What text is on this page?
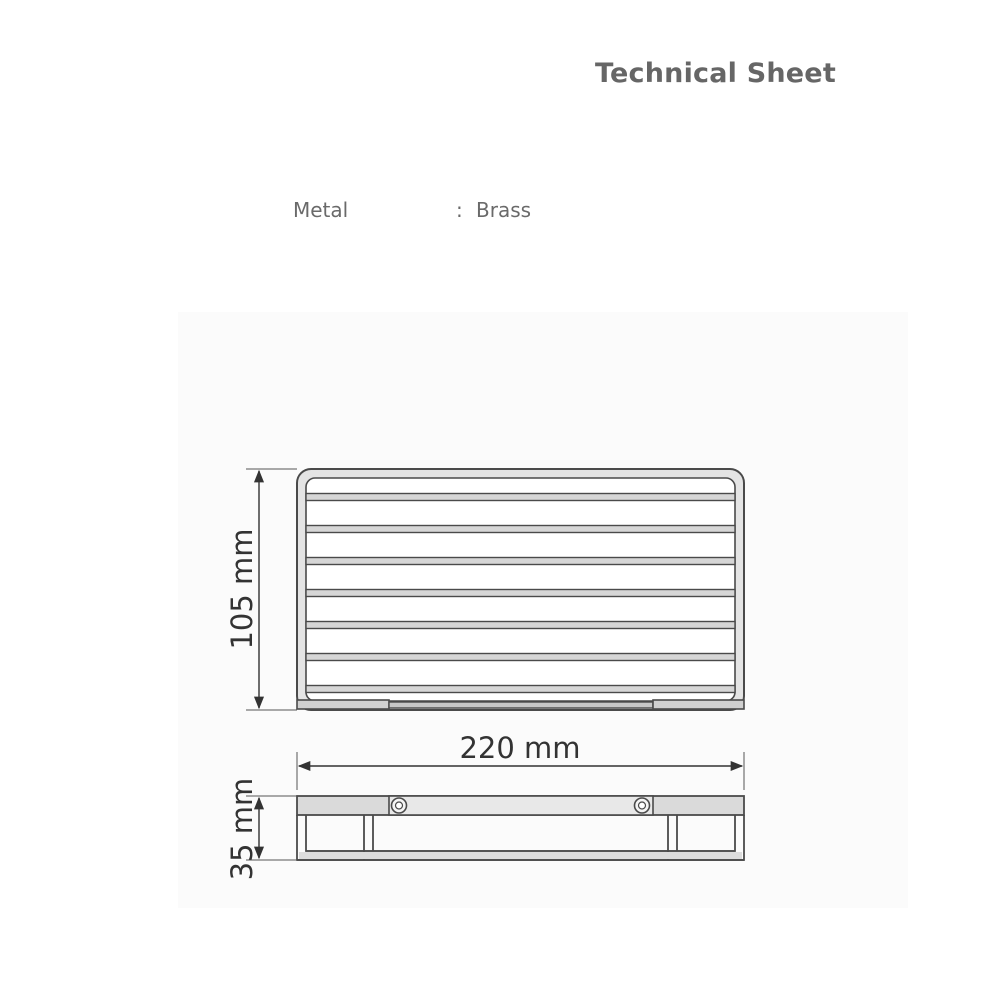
Technical Sheet
Metal	: Brass
105 mm
220 mm
35 mm
